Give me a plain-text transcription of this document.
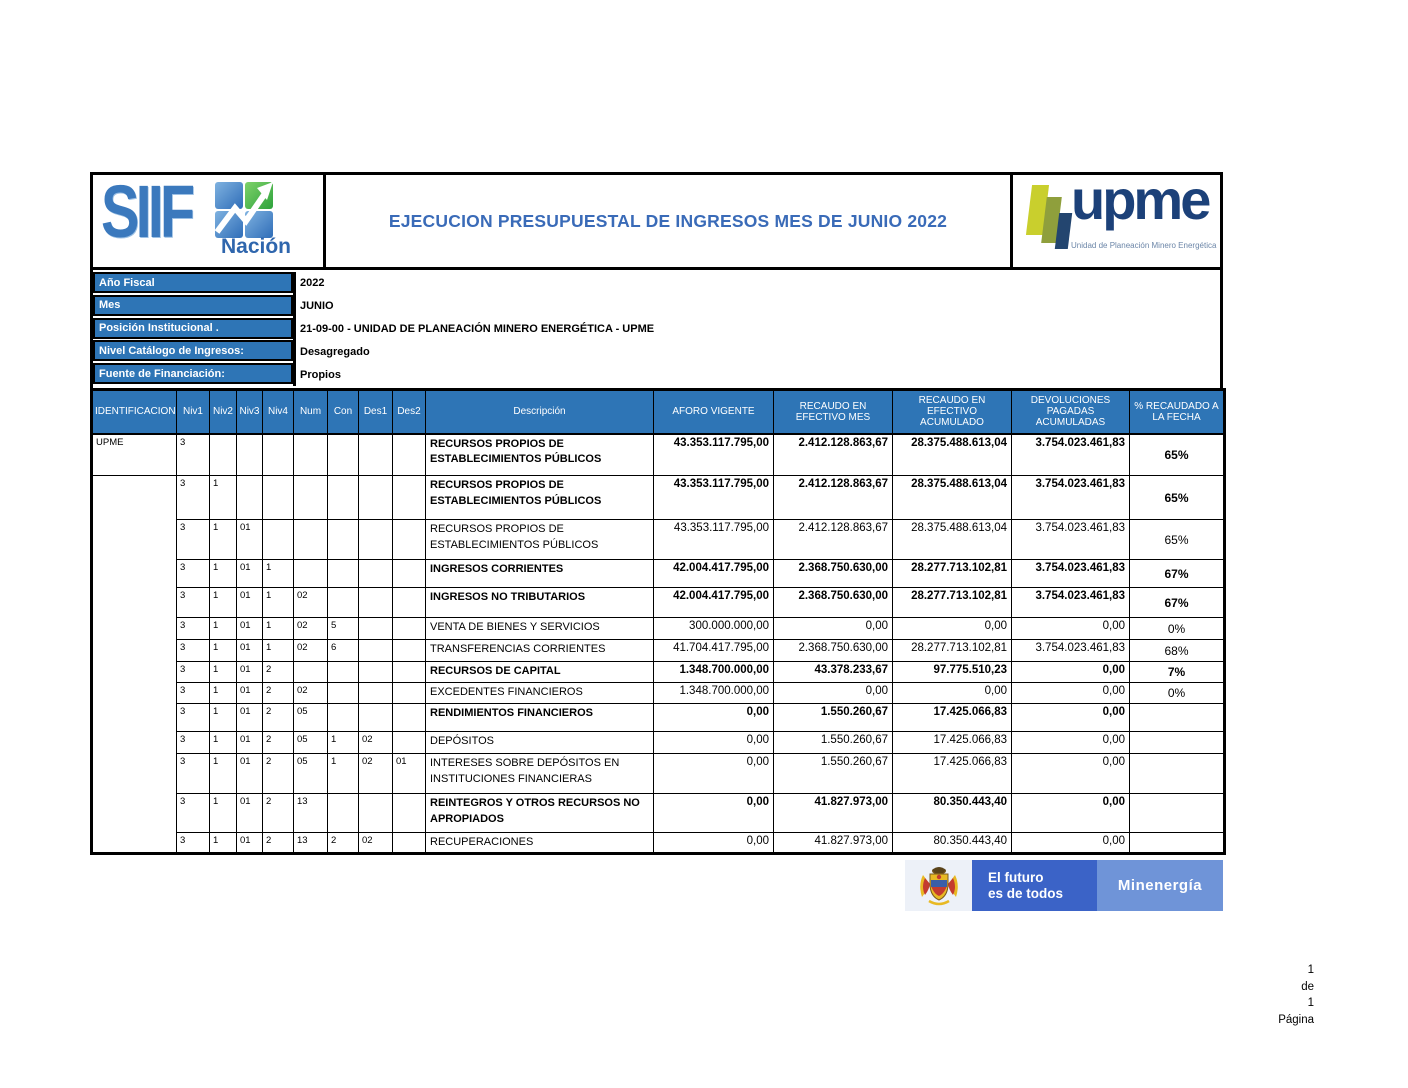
SIIF Nación
EJECUCION PRESUPUESTAL DE INGRESOS MES DE JUNIO 2022 upme
Unidad de Planeación Minero Energética
Año Fiscal	2022
Mes	JUNIO
Posición Institucional .	21-09-00 - UNIDAD DE PLANEACIÓN MINERO ENERGÉTICA - UPME
Nivel Catálogo de Ingresos:	Desagregado
Fuente de Financiación:	Propios
IDENTIFICACION	Niv1	Niv2	Niv3	Niv4	Num	Con	Des1	Des2	Descripción	AFORO VIGENTE	RECAUDO EN EFECTIVO MES	RECAUDO EN EFECTIVO ACUMULADO	DEVOLUCIONES PAGADAS ACUMULADAS	% RECAUDADO A LA FECHA
UPME	3								RECURSOS PROPIOS DE ESTABLECIMIENTOS PÚBLICOS	43.353.117.795,00	2.412.128.863,67	28.375.488.613,04	3.754.023.461,83	65%
	3	1							RECURSOS PROPIOS DE ESTABLECIMIENTOS PÚBLICOS	43.353.117.795,00	2.412.128.863,67	28.375.488.613,04	3.754.023.461,83	65%
	3	1	01						RECURSOS PROPIOS DE ESTABLECIMIENTOS PÚBLICOS	43.353.117.795,00	2.412.128.863,67	28.375.488.613,04	3.754.023.461,83	65%
	3	1	01	1					INGRESOS CORRIENTES	42.004.417.795,00	2.368.750.630,00	28.277.713.102,81	3.754.023.461,83	67%
	3	1	01	1	02				INGRESOS NO TRIBUTARIOS	42.004.417.795,00	2.368.750.630,00	28.277.713.102,81	3.754.023.461,83	67%
	3	1	01	1	02	5			VENTA DE BIENES Y SERVICIOS	300.000.000,00	0,00	0,00	0,00	0%
	3	1	01	1	02	6			TRANSFERENCIAS CORRIENTES	41.704.417.795,00	2.368.750.630,00	28.277.713.102,81	3.754.023.461,83	68%
	3	1	01	2					RECURSOS DE CAPITAL	1.348.700.000,00	43.378.233,67	97.775.510,23	0,00	7%
	3	1	01	2	02				EXCEDENTES FINANCIEROS	1.348.700.000,00	0,00	0,00	0,00	0%
	3	1	01	2	05				RENDIMIENTOS FINANCIEROS	0,00	1.550.260,67	17.425.066,83	0,00	
	3	1	01	2	05	1	02		DEPÓSITOS	0,00	1.550.260,67	17.425.066,83	0,00	
	3	1	01	2	05	1	02	01	INTERESES SOBRE DEPÓSITOS EN INSTITUCIONES FINANCIERAS	0,00	1.550.260,67	17.425.066,83	0,00	
	3	1	01	2	13				REINTEGROS Y OTROS RECURSOS NO APROPIADOS	0,00	41.827.973,00	80.350.443,40	0,00	
	3	1	01	2	13	2	02		RECUPERACIONES	0,00	41.827.973,00	80.350.443,40	0,00	
El futuro
es de todos	Minenergía
1
de
1
Página
